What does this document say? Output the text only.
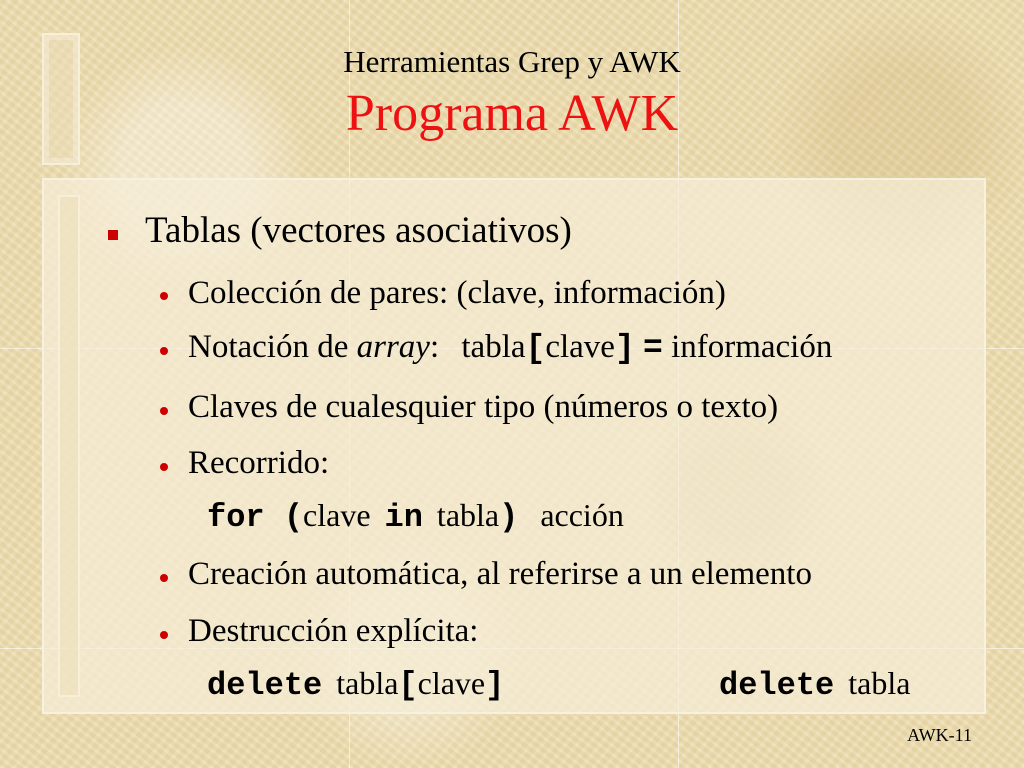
Herramientas Grep y AWK
Programa AWK
Tablas (vectores asociativos)
Colección de pares: (clave, información)
Notación de array: tabla[clave] = información
Claves de cualesquier tipo (números o texto)
Recorrido:
for (clave in tabla) acción
Creación automática, al referirse a un elemento
Destrucción explícita:
delete tabla[clave]	delete tabla
AWK-11
